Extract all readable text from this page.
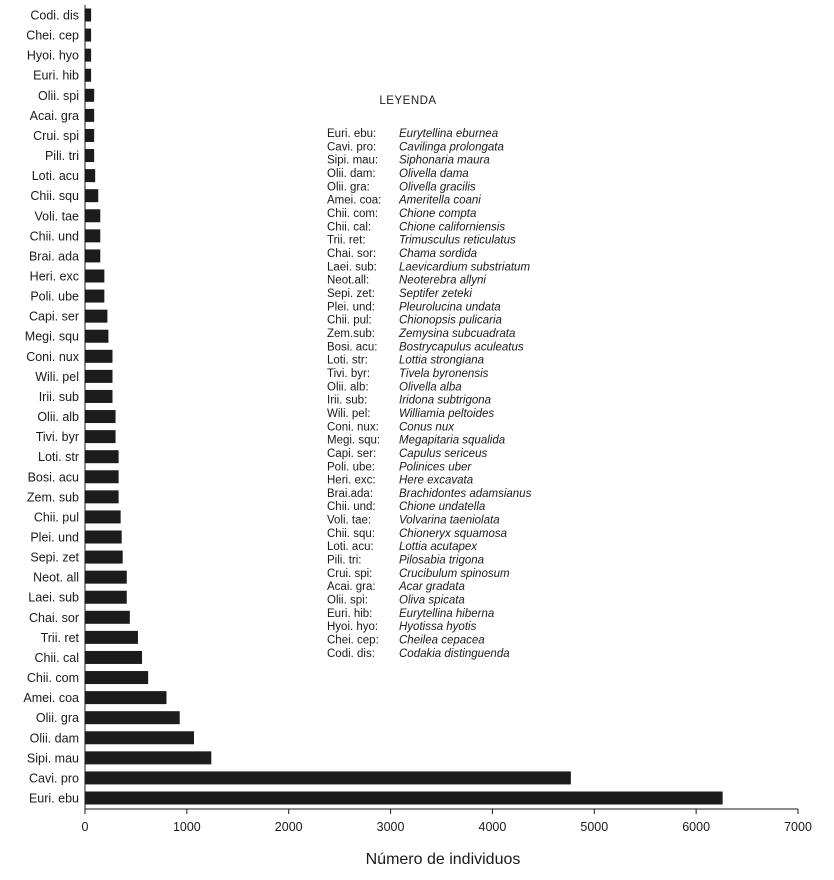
Codi. dis
Chei. cep
Hyoi. hyo
Euri. hib
Olii. spi
Acai. gra
Crui. spi
Pili. tri
Loti. acu
Chii. squ
Voli. tae
Chii. und
Brai. ada
Heri. exc
Poli. ube
Capi. ser
Megi. squ
Coni. nux
Wili. pel
Irii. sub
Olii. alb
Tivi. byr
Loti. str
Bosi. acu
Zem. sub
Chii. pul
Plei. und
Sepi. zet
Neot. all
Laei. sub
Chai. sor
Trii. ret
Chii. cal
Chii. com
Amei. coa
Olii. gra
Olii. dam
Sipi. mau
Cavi. pro
Euri. ebu
0	1000	2000	3000	4000	5000	6000	7000
Número de individuos
LEYENDA
Euri. ebu: Eurytellina eburnea
Cavi. pro: Cavilinga prolongata
Sipi. mau: Siphonaria maura
Olii. dam: Olivella dama
Olii. gra:	Olivella gracilis
Amei. coa: Ameritella coani
Chii. com: Chione compta
Chii. cal: Chione californiensis
Trii. ret:	Trimusculus reticulatus
Chai. sor: Chama sordida
Laei. sub: Laevicardium substriatum
Neot.all:	Neoterebra allyni
Sepi. zet: Septifer zeteki
Plei. und: Pleurolucina undata
Chii. pul: Chionopsis pulicaria
Zem.sub: Zemysina subcuadrata
Bosi. acu: Bostrycapulus aculeatus
Loti. str:	Lottia strongiana
Tivi. byr:	Tivela byronensis
Olii. alb:	Olivella alba
Irii. sub:	Iridona subtrigona
Wili. pel: Williamia peltoides
Coni. nux: Conus nux
Megi. squ: Megapitaria squalida
Capi. ser: Capulus sericeus
Poli. ube: Polinices uber
Heri. exc: Here excavata
Brai.ada: Brachidontes adamsianus
Chii. und: Chione undatella
Voli. tae: Volvarina taeniolata
Chii. squ: Chioneryx squamosa
Loti. acu: Lottia acutapex
Pili. tri:	Pilosabia trigona
Crui. spi: Crucibulum spinosum
Acai. gra: Acar gradata
Olii. spi:	Oliva spicata
Euri. hib: Eurytellina hiberna
Hyoi. hyo: Hyotissa hyotis
Chei. cep: Cheilea cepacea
Codi. dis: Codakia distinguenda
